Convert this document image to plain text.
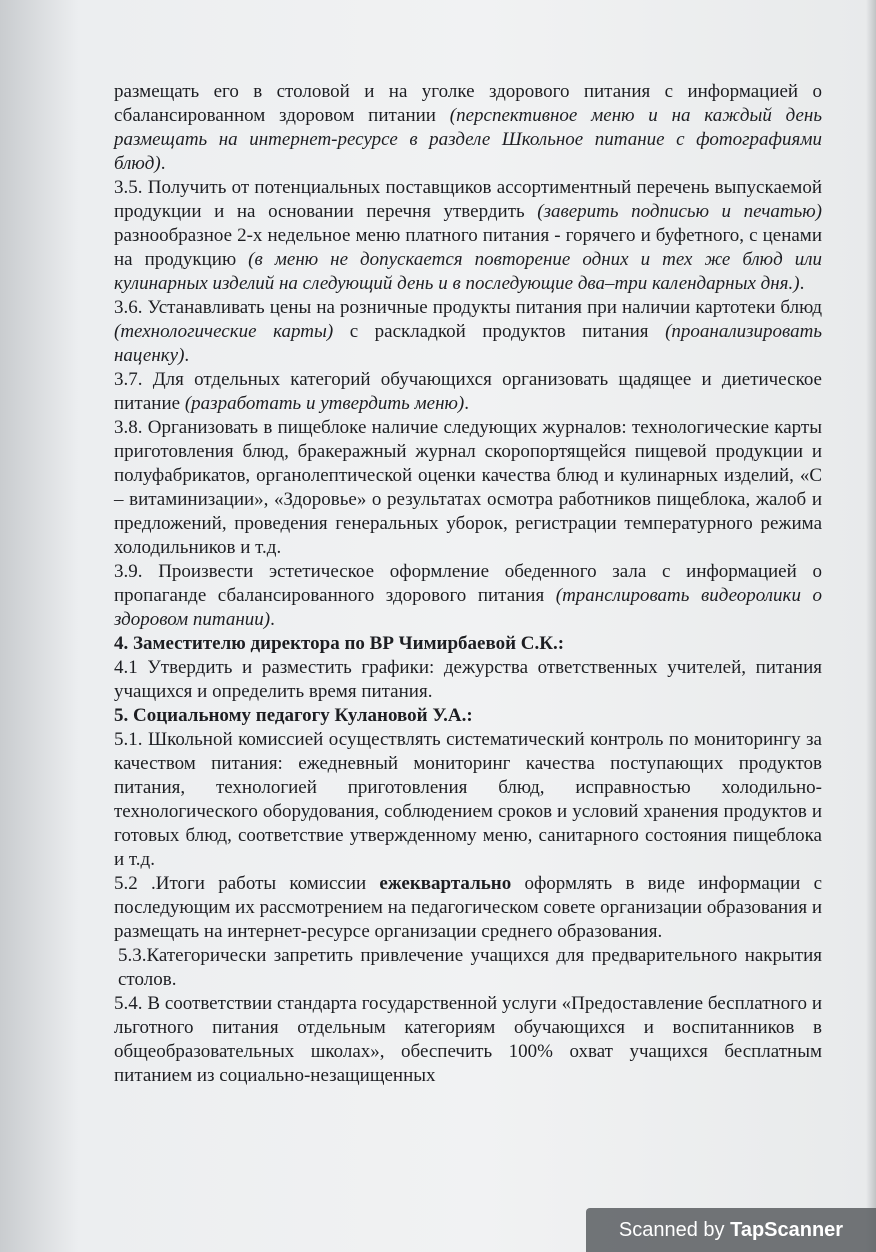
размещать его в столовой и на уголке здорового питания с информацией о сбалансированном здоровом питании (перспективное меню и на каждый день размещать на интернет-ресурсе в разделе Школьное питание с фотографиями блюд).

3.5. Получить от потенциальных поставщиков ассортиментный перечень выпускаемой продукции и на основании перечня утвердить (заверить подписью и печатью) разнообразное 2-х недельное меню платного питания - горячего и буфетного, с ценами на продукцию (в меню не допускается повторение одних и тех же блюд или кулинарных изделий на следующий день и в последующие два–три календарных дня.).

3.6. Устанавливать цены на розничные продукты питания при наличии картотеки блюд (технологические карты) с раскладкой продуктов питания (проанализировать наценку).

3.7. Для отдельных категорий обучающихся организовать щадящее и диетическое питание (разработать и утвердить меню).

3.8. Организовать в пищеблоке наличие следующих журналов: технологические карты приготовления блюд, бракеражный журнал скоропортящейся пищевой продукции и полуфабрикатов, органолептической оценки качества блюд и кулинарных изделий, «С – витаминизации», «Здоровье» о результатах осмотра работников пищеблока, жалоб и предложений, проведения генеральных уборок, регистрации температурного режима холодильников и т.д.

3.9. Произвести эстетическое оформление обеденного зала с информацией о пропаганде сбалансированного здорового питания (транслировать видеоролики о здоровом питании).

4. Заместителю директора по ВР Чимирбаевой С.К.:

4.1 Утвердить и разместить графики: дежурства ответственных учителей, питания учащихся и определить время питания.

5. Социальному педагогу Кулановой У.А.:

5.1. Школьной комиссией осуществлять систематический контроль по мониторингу за качеством питания: ежедневный мониторинг качества поступающих продуктов питания, технологией приготовления блюд, исправностью холодильно-технологического оборудования, соблюдением сроков и условий хранения продуктов и готовых блюд, соответствие утвержденному меню, санитарного состояния пищеблока и т.д.

5.2 .Итоги работы комиссии ежеквартально оформлять в виде информации с последующим их рассмотрением на педагогическом совете организации образования и размещать на интернет-ресурсе организации среднего образования.

5.3.Категорически запретить привлечение учащихся для предварительного накрытия столов.

5.4. В соответствии стандарта государственной услуги «Предоставление бесплатного и льготного питания отдельным категориям обучающихся и воспитанников в общеобразовательных школах», обеспечить 100% охват учащихся бесплатным питанием из социально-незащищенных

Scanned by TapScanner
